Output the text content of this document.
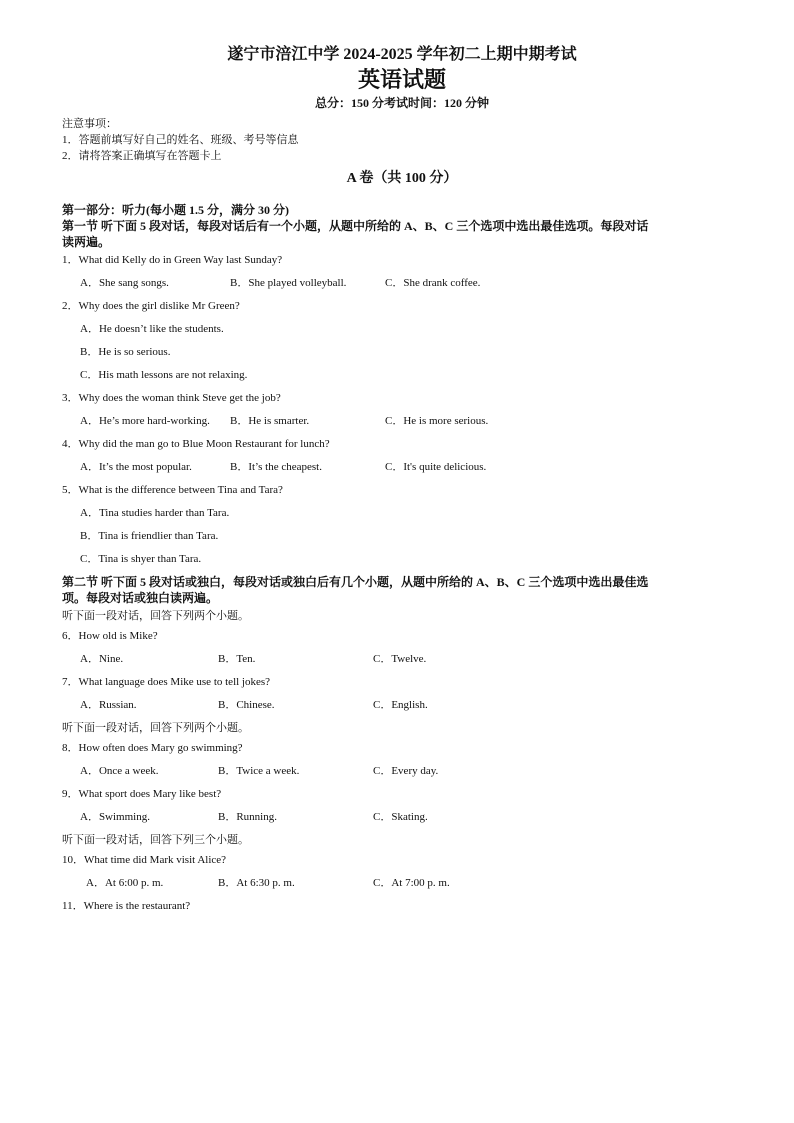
遂宁市涪江中学 2024-2025 学年初二上期中期考试

英语试题

总分：150 分考试时间：120 分钟

注意事项：
1．答题前填写好自己的姓名、班级、考号等信息
2．请将答案正确填写在答题卡上
A 卷（共 100 分）
第一部分：听力(每小题 1.5 分，满分 30 分)
第一节 听下面 5 段对话，每段对话后有一个小题，从题中所给的 A、B、C 三个选项中选出最佳选项。每段对话
读两遍。
1．What did Kelly do in Green Way last Sunday?
A．She sang songs.	B．She played volleyball.	C．She drank coffee.
2．Why does the girl dislike Mr Green?
A．He doesn’t like the students.
B．He is so serious.
C．His math lessons are not relaxing.
3．Why does the woman think Steve get the job?
A．He’s more hard-working.	B．He is smarter.	C．He is more serious.
4．Why did the man go to Blue Moon Restaurant for lunch?
A．It’s the most popular.	B．It’s the cheapest.	C．It's quite delicious.
5．What is the difference between Tina and Tara?
A．Tina studies harder than Tara.
B．Tina is friendlier than Tara.
C．Tina is shyer than Tara.
第二节 听下面 5 段对话或独白，每段对话或独白后有几个小题，从题中所给的 A、B、C 三个选项中选出最佳选
项。每段对话或独白读两遍。
听下面一段对话，回答下列两个小题。
6．How old is Mike?
A．Nine.	B．Ten.	C．Twelve.
7．What language does Mike use to tell jokes?
A．Russian.	B．Chinese.	C．English.
听下面一段对话，回答下列两个小题。
8．How often does Mary go swimming?
A．Once a week.	B．Twice a week.	C．Every day.
9．What sport does Mary like best?
A．Swimming.	B．Running.	C．Skating.
听下面一段对话，回答下列三个小题。
10．What time did Mark visit Alice?
A．At 6:00 p. m.	B．At 6:30 p. m.	C．At 7:00 p. m.
11．Where is the restaurant?
